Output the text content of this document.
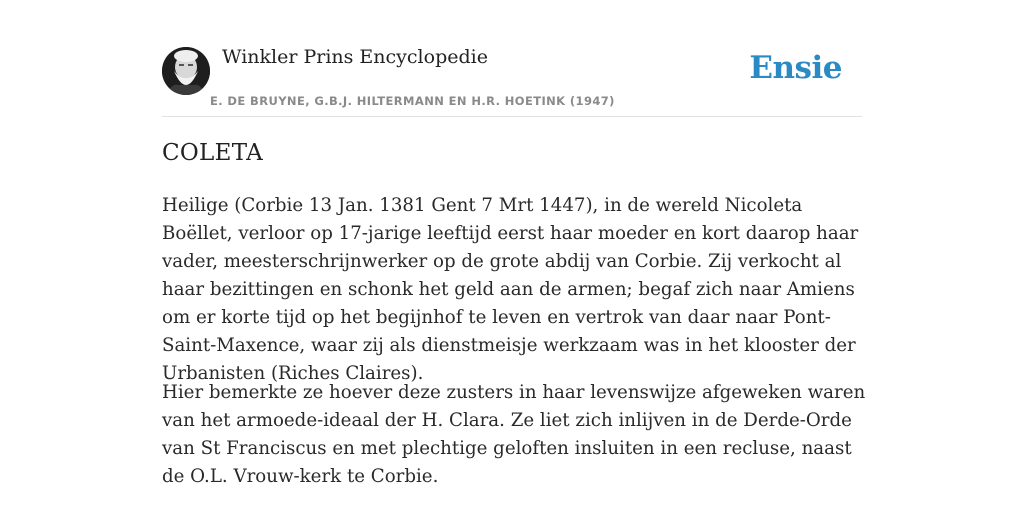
Winkler Prins Encyclopedie
E. DE BRUYNE, G.B.J. HILTERMANN EN H.R. HOETINK (1947)
Ensie
COLETA

Heilige (Corbie 13 Jan. 1381 Gent 7 Mrt 1447), in de wereld Nicoleta Boëllet, verloor op 17-jarige leeftijd eerst haar moeder en kort daarop haar vader, meesterschrijnwerker op de grote abdij van Corbie. Zij verkocht al haar bezittingen en schonk het geld aan de armen; begaf zich naar Amiens om er korte tijd op het begijnhof te leven en vertrok van daar naar Pont-Saint-Maxence, waar zij als dienstmeisje werkzaam was in het klooster der Urbanisten (Riches Claires).

Hier bemerkte ze hoever deze zusters in haar levenswijze afgeweken waren van het armoede-ideaal der H. Clara. Ze liet zich inlijven in de Derde-Orde van St Franciscus en met plechtige geloften insluiten in een recluse, naast de O.L. Vrouw-kerk te Corbie.
